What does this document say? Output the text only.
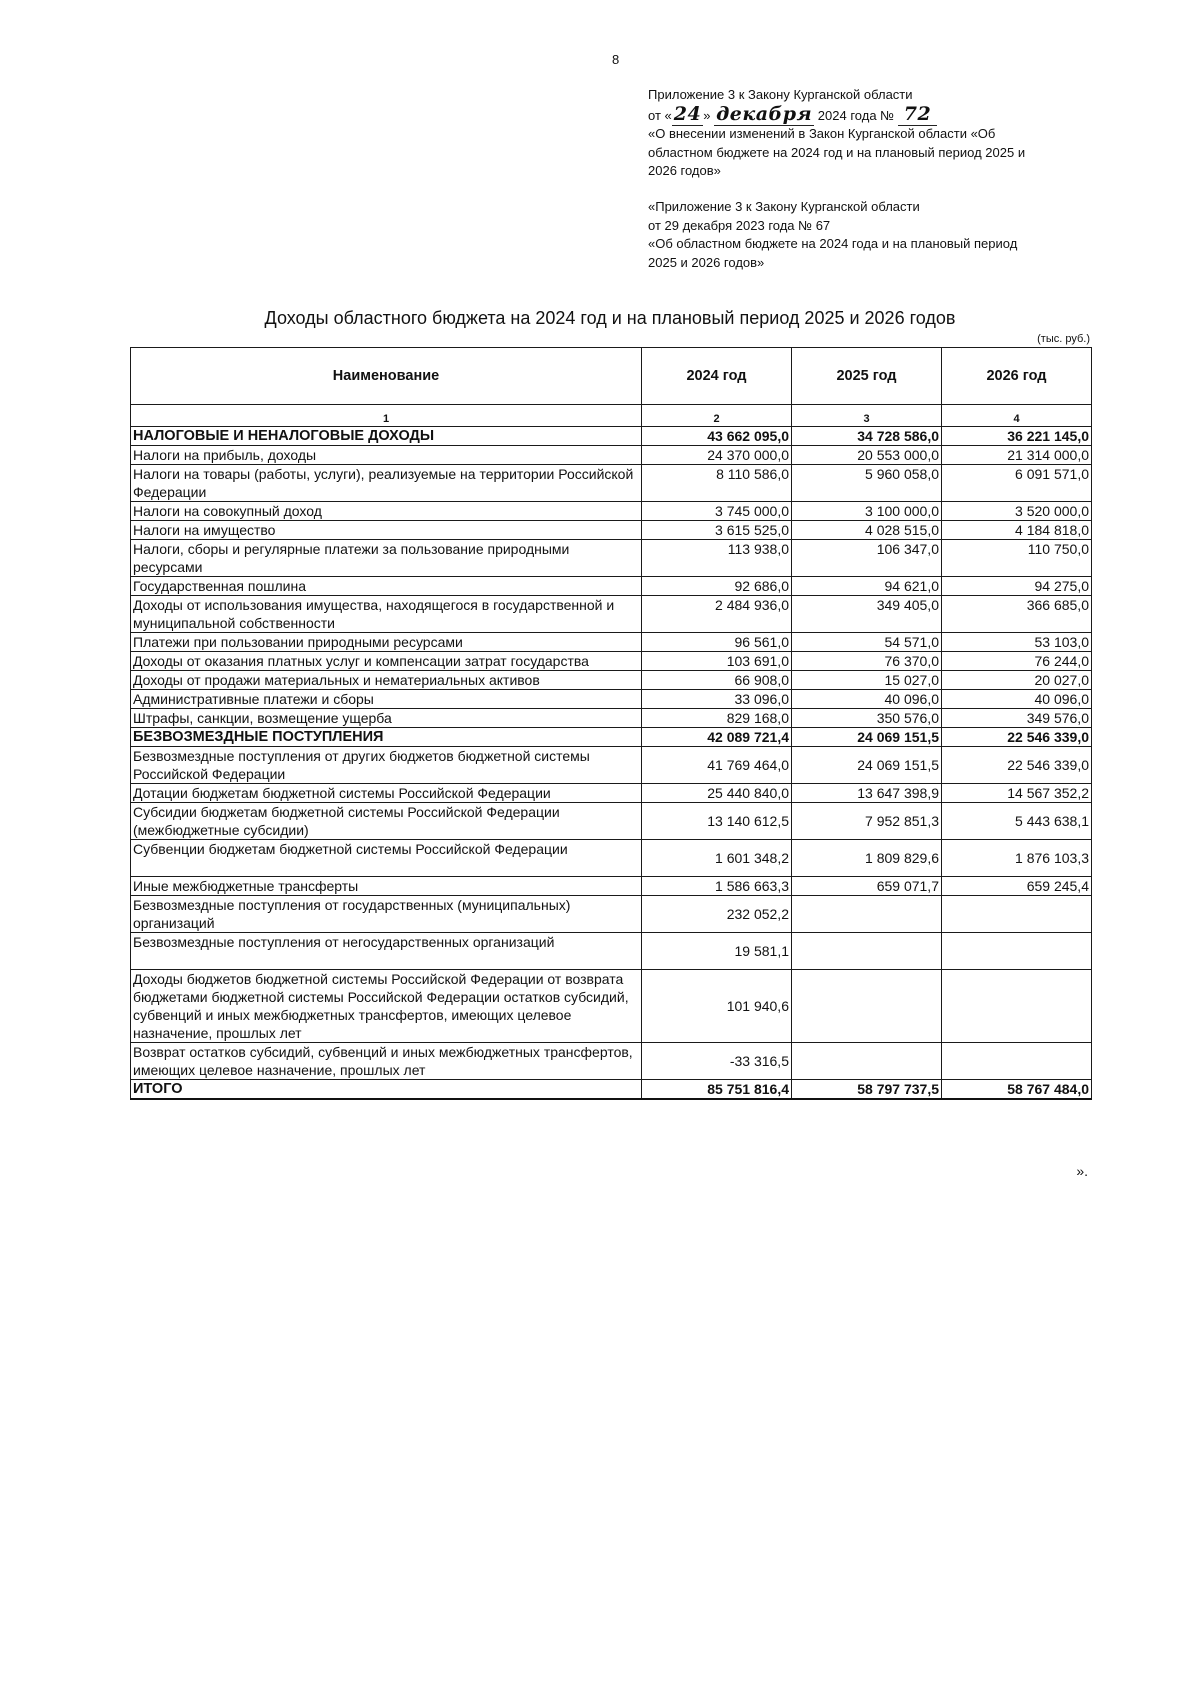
8

Приложение 3 к Закону Курганской области

от « 24 » декабря 2024 года № 72

«О внесении изменений в Закон Курганской области «Об

областном бюджете на 2024 год и на плановый период 2025 и

2026 годов»

«Приложение 3 к Закону Курганской области

от 29 декабря 2023 года № 67

«Об областном бюджете на 2024 года и на плановый период

2025 и 2026 годов»

Доходы областного бюджета на 2024 год и на плановый период 2025 и 2026 годов
(тыс. руб.)
Наименование	2024 год	2025 год	2026 год
1	2	3	4
НАЛОГОВЫЕ И НЕНАЛОГОВЫЕ ДОХОДЫ	43 662 095,0	34 728 586,0	36 221 145,0
Налоги на прибыль, доходы	24 370 000,0	20 553 000,0	21 314 000,0
Налоги на товары (работы, услуги), реализуемые на территории Российской Федерации	8 110 586,0	5 960 058,0	6 091 571,0
Налоги на совокупный доход	3 745 000,0	3 100 000,0	3 520 000,0
Налоги на имущество	3 615 525,0	4 028 515,0	4 184 818,0
Налоги, сборы и регулярные платежи за пользование природными ресурсами	113 938,0	106 347,0	110 750,0
Государственная пошлина	92 686,0	94 621,0	94 275,0
Доходы от использования имущества, находящегося в государственной и муниципальной собственности	2 484 936,0	349 405,0	366 685,0
Платежи при пользовании природными ресурсами	96 561,0	54 571,0	53 103,0
Доходы от оказания платных услуг и компенсации затрат государства	103 691,0	76 370,0	76 244,0
Доходы от продажи материальных и нематериальных активов	66 908,0	15 027,0	20 027,0
Административные платежи и сборы	33 096,0	40 096,0	40 096,0
Штрафы, санкции, возмещение ущерба	829 168,0	350 576,0	349 576,0
БЕЗВОЗМЕЗДНЫЕ ПОСТУПЛЕНИЯ	42 089 721,4	24 069 151,5	22 546 339,0
Безвозмездные поступления от других бюджетов бюджетной системы Российской Федерации	41 769 464,0	24 069 151,5	22 546 339,0
Дотации бюджетам бюджетной системы Российской Федерации	25 440 840,0	13 647 398,9	14 567 352,2
Субсидии бюджетам бюджетной системы Российской Федерации (межбюджетные субсидии)	13 140 612,5	7 952 851,3	5 443 638,1
Субвенции бюджетам бюджетной системы Российской Федерации	1 601 348,2	1 809 829,6	1 876 103,3
Иные межбюджетные трансферты	1 586 663,3	659 071,7	659 245,4
Безвозмездные поступления от государственных (муниципальных) организаций	232 052,2		
Безвозмездные поступления от негосударственных организаций	19 581,1		
Доходы бюджетов бюджетной системы Российской Федерации от возврата бюджетами бюджетной системы Российской Федерации остатков субсидий, субвенций и иных межбюджетных трансфертов, имеющих целевое назначение, прошлых лет	101 940,6		
Возврат остатков субсидий, субвенций и иных межбюджетных трансфертов, имеющих целевое назначение, прошлых лет	-33 316,5		
ИТОГО	85 751 816,4	58 797 737,5	58 767 484,0
».
